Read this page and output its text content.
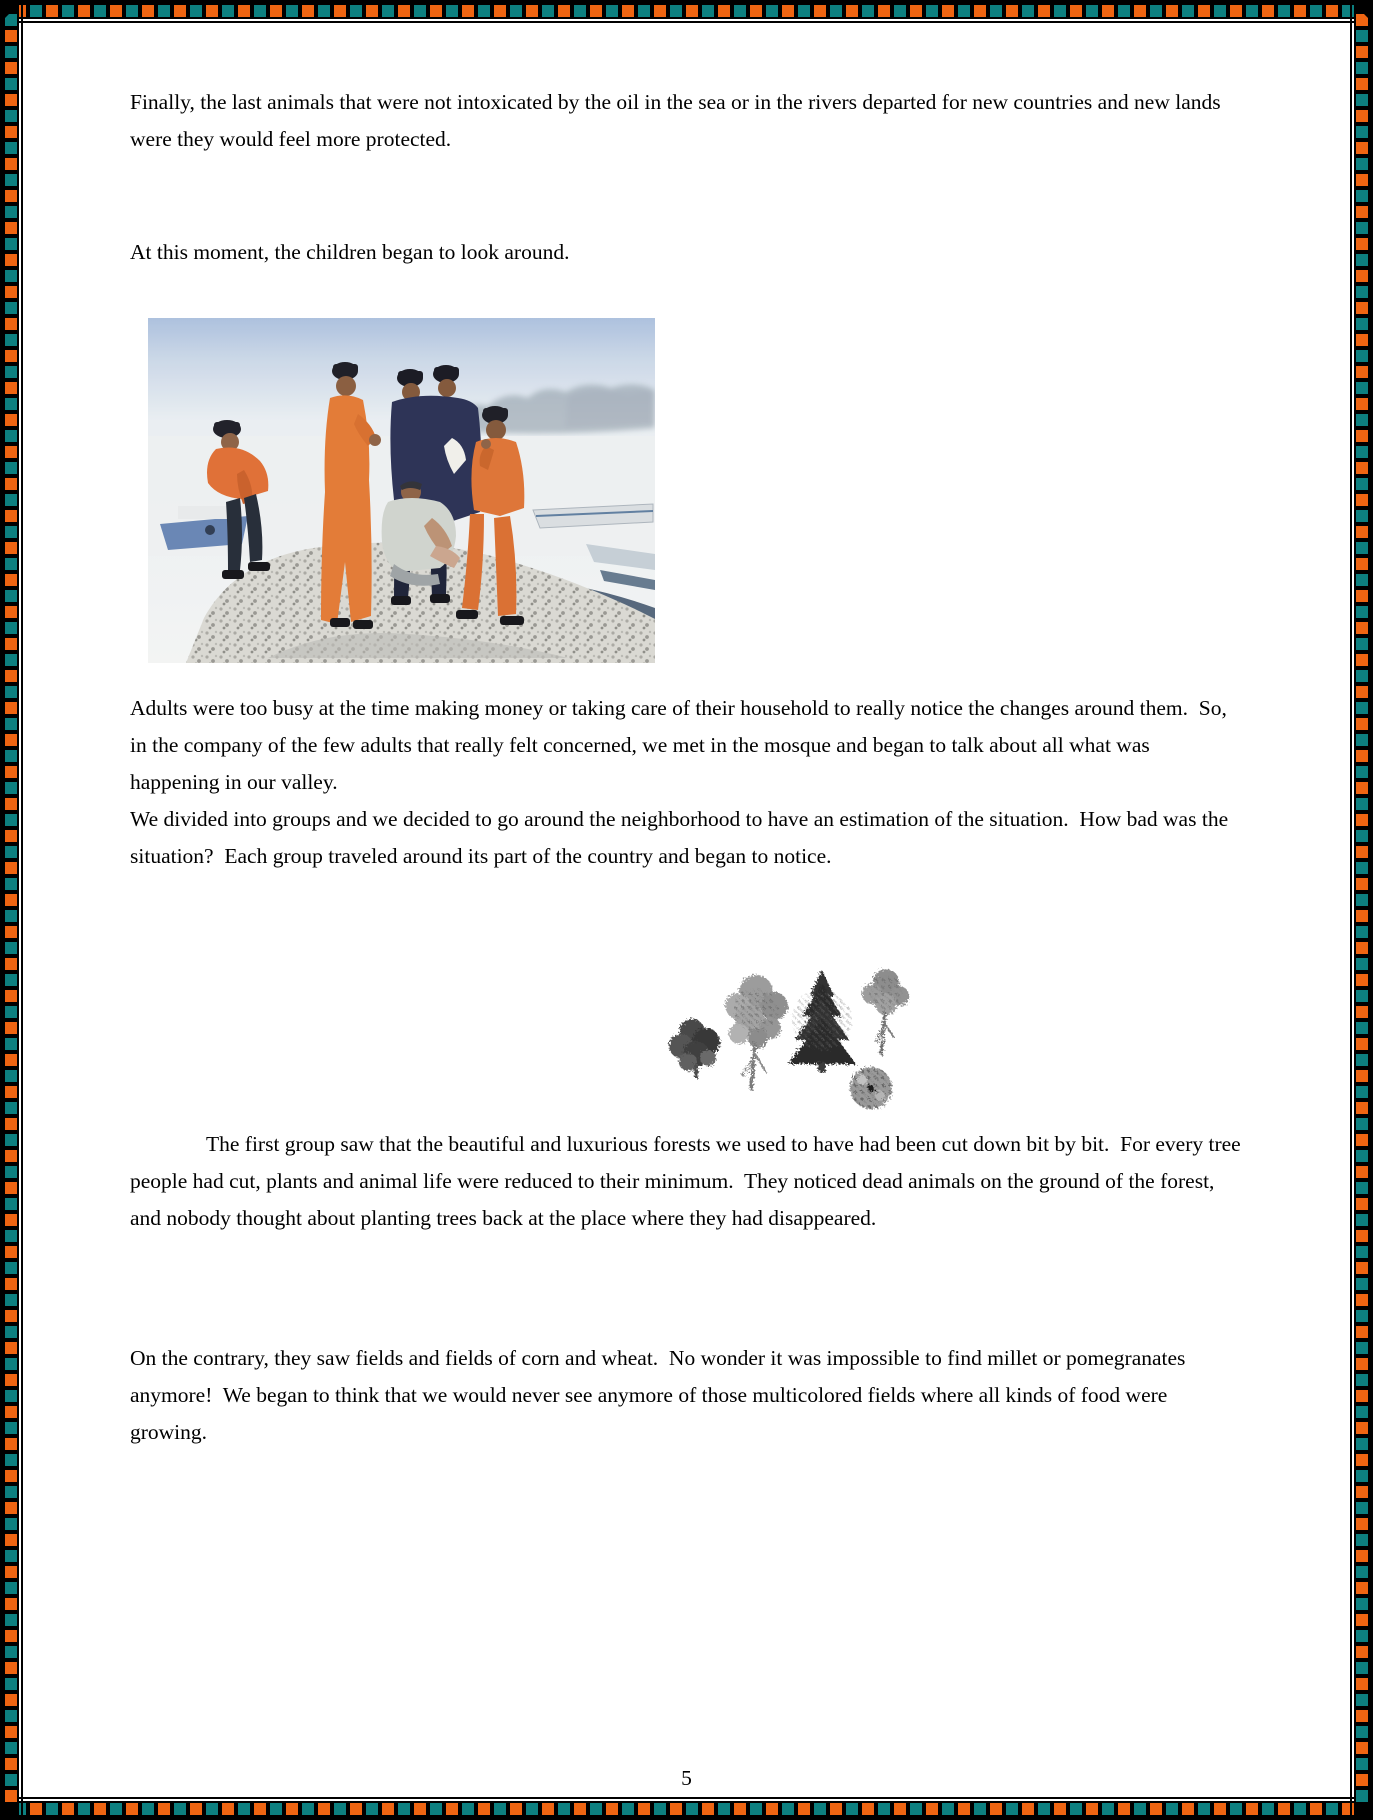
Finally, the last animals that were not intoxicated by the oil in the sea or in the rivers departed for new countries and new lands were they would feel more protected.

At this moment, the children began to look around.

Adults were too busy at the time making money or taking care of their household to really notice the changes around them.  So, in the company of the few adults that really felt concerned, we met in the mosque and began to talk about all what was happening in our valley.

We divided into groups and we decided to go around the neighborhood to have an estimation of the situation.  How bad was the situation?  Each group traveled around its part of the country and began to notice.

The first group saw that the beautiful and luxurious forests we used to have had been cut down bit by bit.  For every tree people had cut, plants and animal life were reduced to their minimum.  They noticed dead animals on the ground of the forest, and nobody thought about planting trees back at the place where they had disappeared.

On the contrary, they saw fields and fields of corn and wheat.  No wonder it was impossible to find millet or pomegranates anymore!  We began to think that we would never see anymore of those multicolored fields where all kinds of food were growing.

5
